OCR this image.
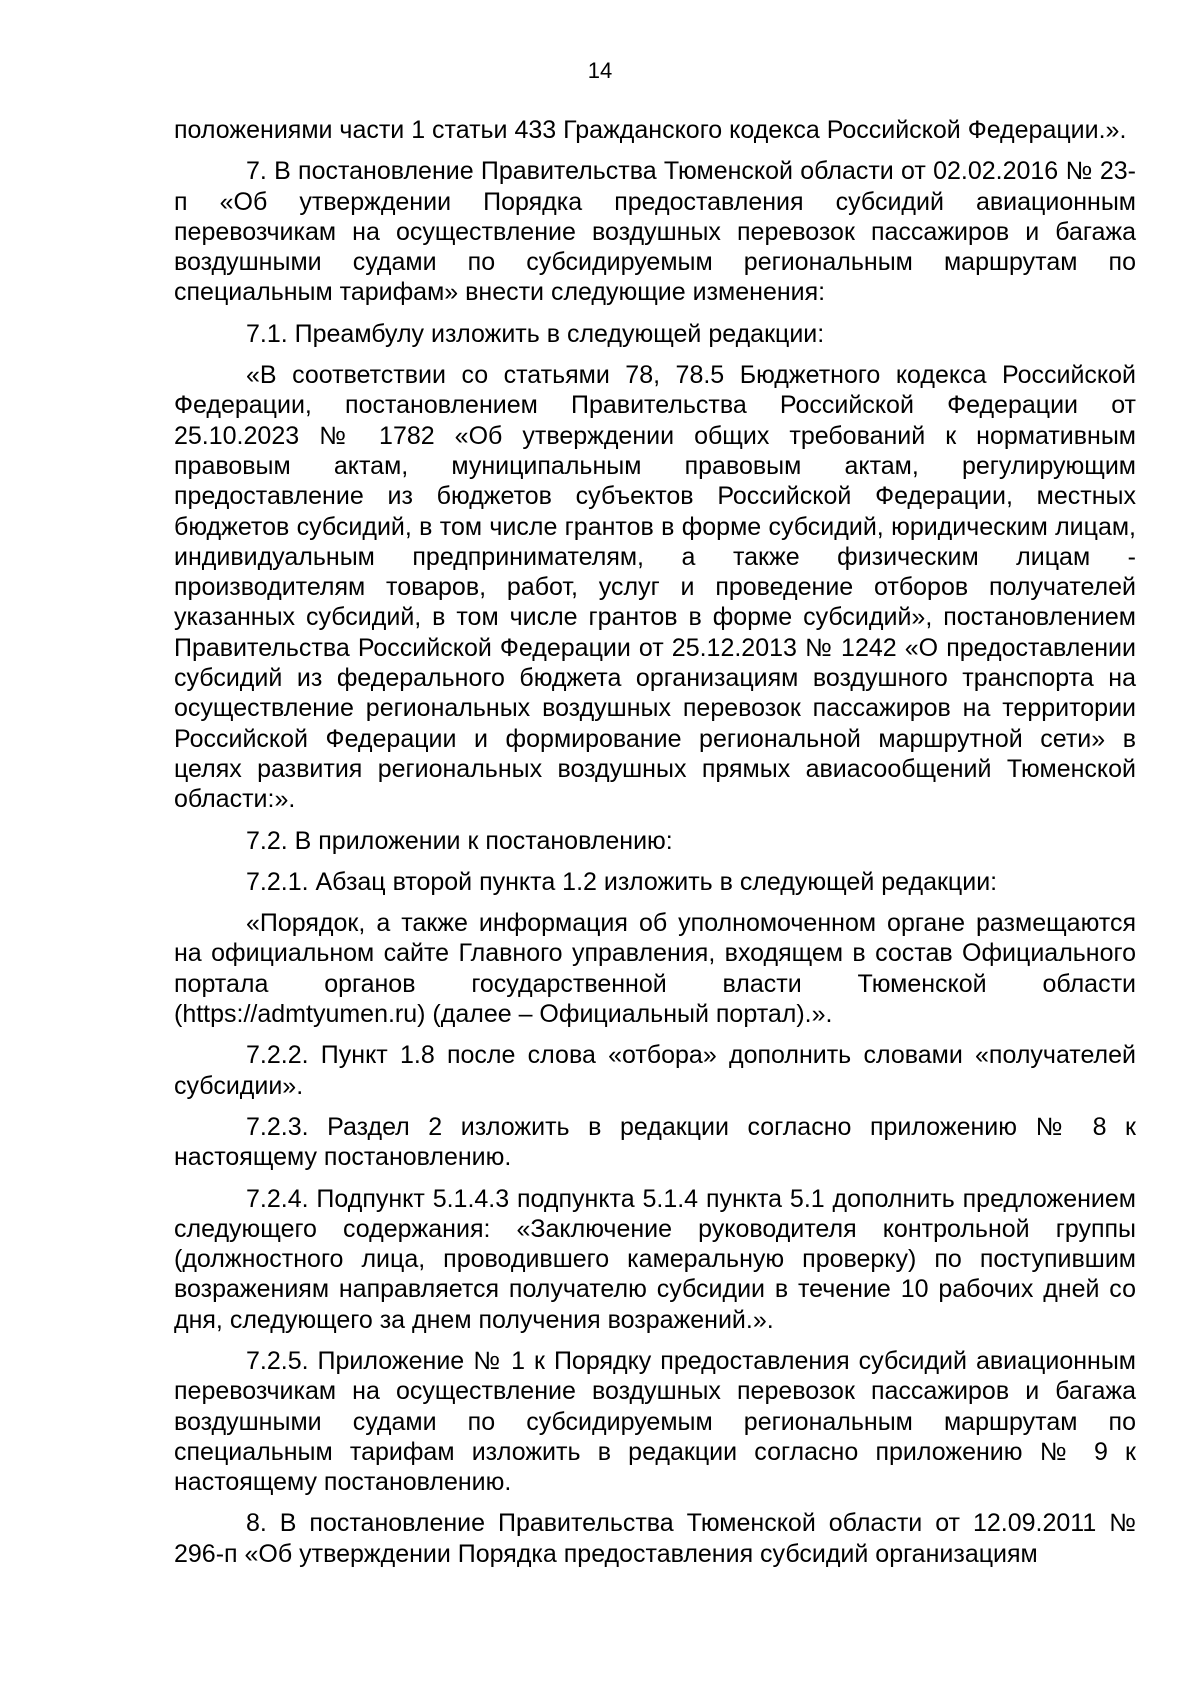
14

положениями части 1 статьи 433 Гражданского кодекса Российской Федерации.».

7. В постановление Правительства Тюменской области от 02.02.2016 № 23-п «Об утверждении Порядка предоставления субсидий авиационным перевозчикам на осуществление воздушных перевозок пассажиров и багажа воздушными судами по субсидируемым региональным маршрутам по специальным тарифам» внести следующие изменения:

7.1. Преамбулу изложить в следующей редакции:

«В соответствии со статьями 78, 78.5 Бюджетного кодекса Российской Федерации, постановлением Правительства Российской Федерации от 25.10.2023 № 1782 «Об утверждении общих требований к нормативным правовым актам, муниципальным правовым актам, регулирующим предоставление из бюджетов субъектов Российской Федерации, местных бюджетов субсидий, в том числе грантов в форме субсидий, юридическим лицам, индивидуальным предпринимателям, а также физическим лицам - производителям товаров, работ, услуг и проведение отборов получателей указанных субсидий, в том числе грантов в форме субсидий», постановлением Правительства Российской Федерации от 25.12.2013 № 1242 «О предоставлении субсидий из федерального бюджета организациям воздушного транспорта на осуществление региональных воздушных перевозок пассажиров на территории Российской Федерации и формирование региональной маршрутной сети» в целях развития региональных воздушных прямых авиасообщений Тюменской области:».

7.2. В приложении к постановлению:

7.2.1. Абзац второй пункта 1.2 изложить в следующей редакции:

«Порядок, а также информация об уполномоченном органе размещаются на официальном сайте Главного управления, входящем в состав Официального портала органов государственной власти Тюменской области (https://admtyumen.ru) (далее – Официальный портал).».

7.2.2. Пункт 1.8 после слова «отбора» дополнить словами «получателей субсидии».

7.2.3. Раздел 2 изложить в редакции согласно приложению № 8 к настоящему постановлению.

7.2.4. Подпункт 5.1.4.3 подпункта 5.1.4 пункта 5.1 дополнить предложением следующего содержания: «Заключение руководителя контрольной группы (должностного лица, проводившего камеральную проверку) по поступившим возражениям направляется получателю субсидии в течение 10 рабочих дней со дня, следующего за днем получения возражений.».

7.2.5. Приложение № 1 к Порядку предоставления субсидий авиационным перевозчикам на осуществление воздушных перевозок пассажиров и багажа воздушными судами по субсидируемым региональным маршрутам по специальным тарифам изложить в редакции согласно приложению № 9 к настоящему постановлению.

8. В постановление Правительства Тюменской области от 12.09.2011 № 296-п «Об утверждении Порядка предоставления субсидий организациям
